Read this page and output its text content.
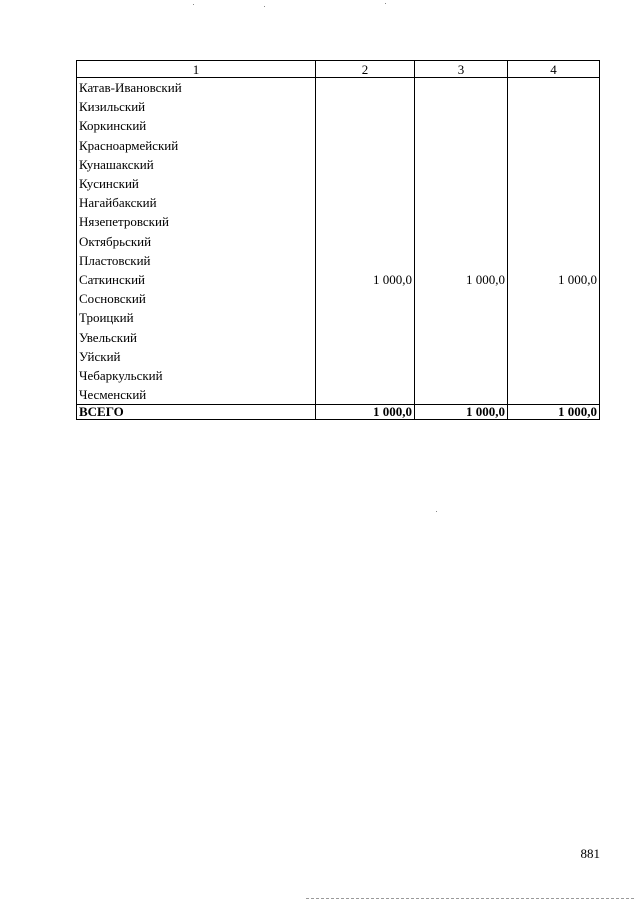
1	2	3	4
Катав-Ивановский			
Кизильский			
Коркинский			
Красноармейский			
Кунашакский			
Кусинский			
Нагайбакский			
Нязепетровский			
Октябрьский			
Пластовский			
Саткинский	1 000,0	1 000,0	1 000,0
Сосновский			
Троицкий			
Увельский			
Уйский			
Чебаркульский			
Чесменский			
ВСЕГО	1 000,0	1 000,0	1 000,0
881
